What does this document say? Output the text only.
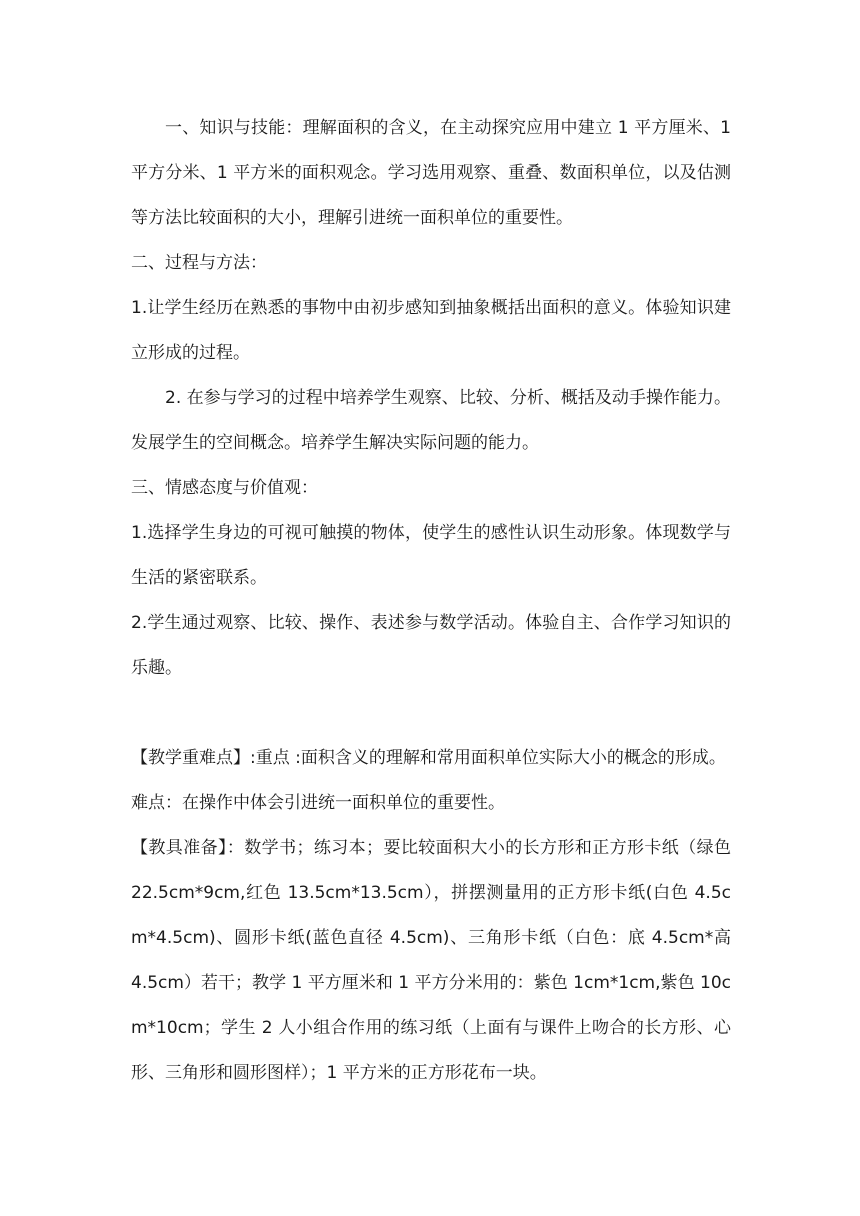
一、知识与技能：理解面积的含义，在主动探究应用中建立 1 平方厘米、1 平方分米、1 平方米的面积观念。学习选用观察、重叠、数面积单位，以及估测等方法比较面积的大小，理解引进统一面积单位的重要性。

二、过程与方法：

1.让学生经历在熟悉的事物中由初步感知到抽象概括出面积的意义。体验知识建立形成的过程。

2. 在参与学习的过程中培养学生观察、比较、分析、概括及动手操作能力。发展学生的空间概念。培养学生解决实际问题的能力。

三、情感态度与价值观：

1.选择学生身边的可视可触摸的物体，使学生的感性认识生动形象。体现数学与生活的紧密联系。

2.学生通过观察、比较、操作、表述参与数学活动。体验自主、合作学习知识的乐趣。

【教学重难点】:重点 :面积含义的理解和常用面积单位实际大小的概念的形成。

难点：在操作中体会引进统一面积单位的重要性。

【教具准备】：数学书；练习本；要比较面积大小的长方形和正方形卡纸（绿色 22.5cm*9cm,红色 13.5cm*13.5cm），拼摆测量用的正方形卡纸(白色 4.5cm*4.5cm)、圆形卡纸(蓝色直径 4.5cm)、三角形卡纸（白色：底 4.5cm*高 4.5cm）若干；教学 1 平方厘米和 1 平方分米用的：紫色 1cm*1cm,紫色 10cm*10cm；学生 2 人小组合作用的练习纸（上面有与课件上吻合的长方形、心形、三角形和圆形图样）；1 平方米的正方形花布一块。
